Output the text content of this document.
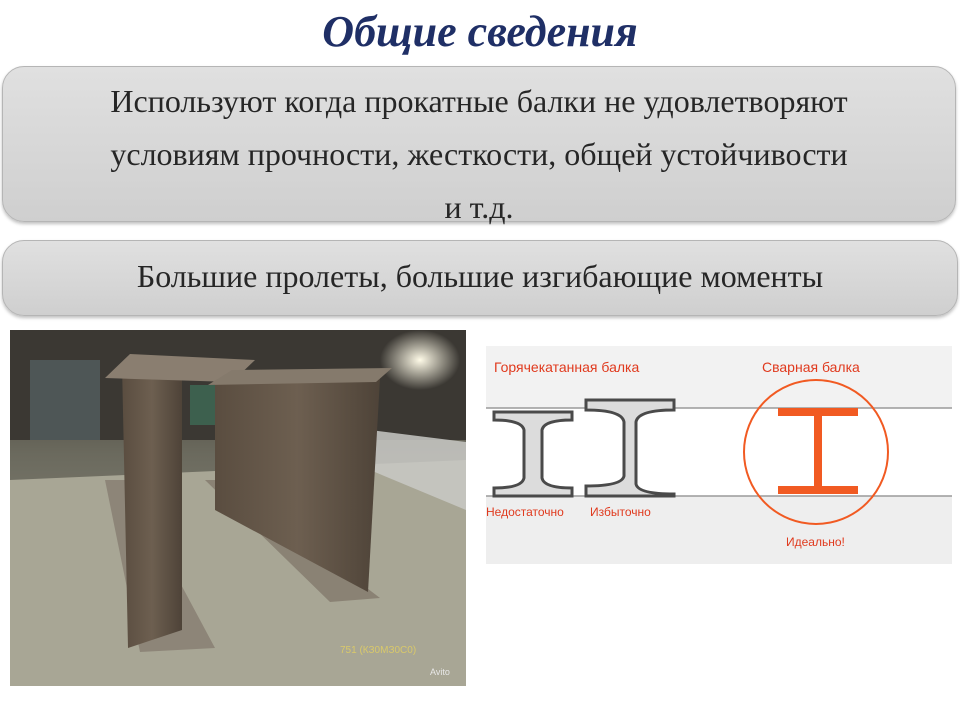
Общие сведения
Используют когда прокатные балки не удовлетворяют
условиям прочности, жесткости, общей устойчивости
и т.д.
Большие пролеты, большие изгибающие моменты
751 (КЗ0МЗ0С0)
Avito
Горячекатанная балка	Сварная балка
Недостаточно Избыточно
Идеально!
